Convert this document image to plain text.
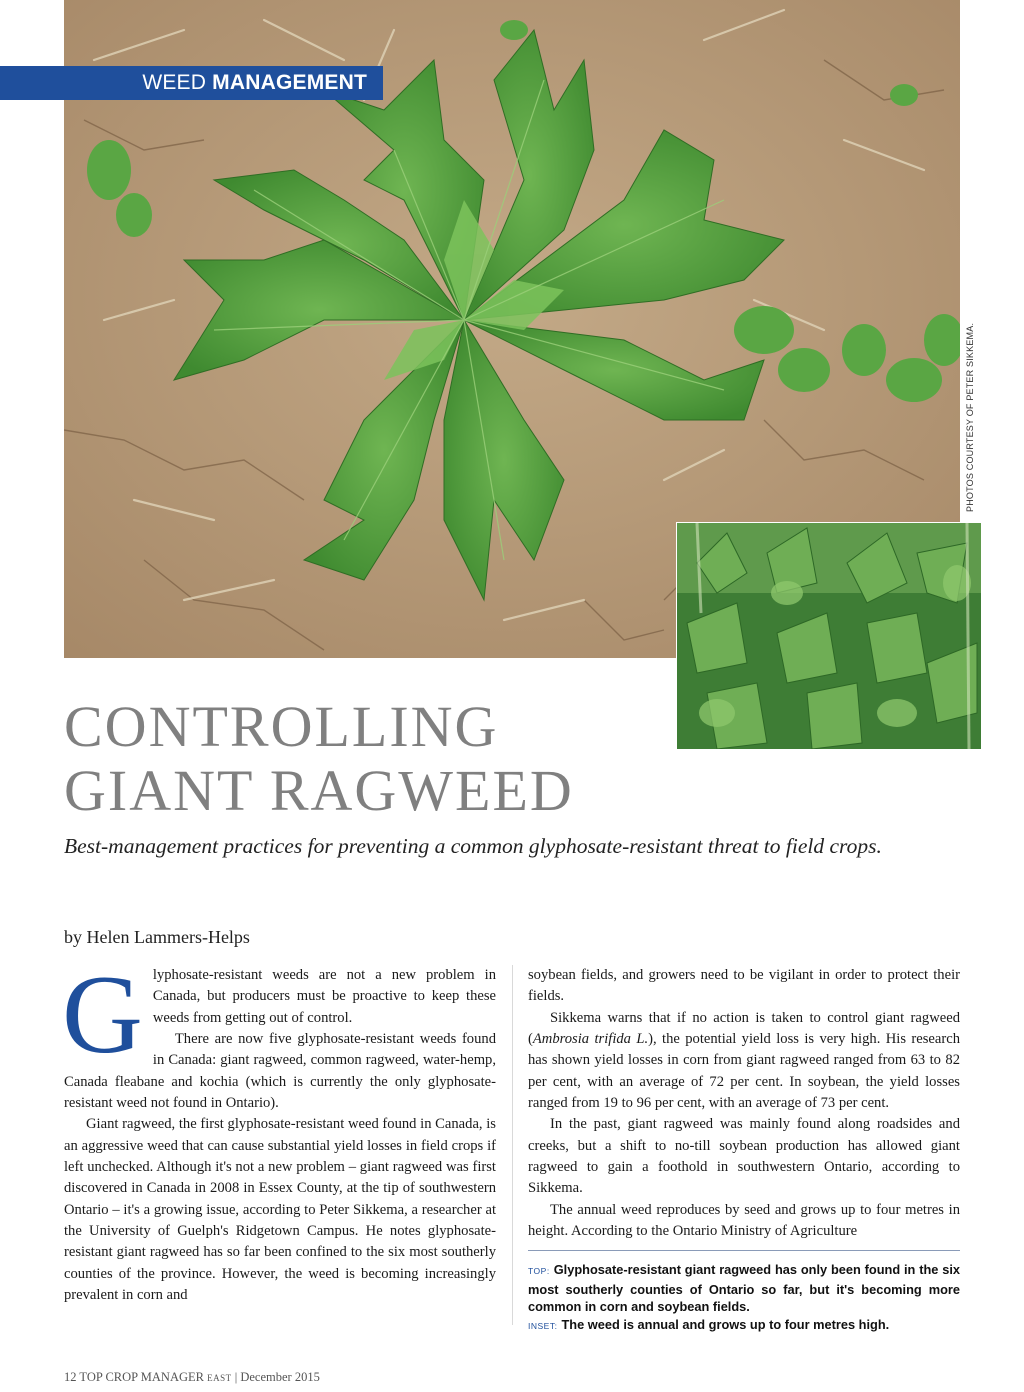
WEED MANAGEMENT
PHOTOS COURTESY OF PETER SIKKEMA.
CONTROLLING
GIANT RAGWEED
Best-management practices for preventing a common glyphosate-resistant threat to field crops.
by Helen Lammers-Helps
G lyphosate-resistant weeds are not a new problem in Canada, but producers must be proactive to keep these weeds from getting out of control.

There are now five glyphosate-resistant weeds found in Canada: giant ragweed, common ragweed, water-hemp, Canada fleabane and kochia (which is currently the only glyphosate-resistant weed not found in Ontario).

Giant ragweed, the first glyphosate-resistant weed found in Canada, is an aggressive weed that can cause substantial yield losses in field crops if left unchecked. Although it's not a new problem – giant ragweed was first discovered in Canada in 2008 in Essex County, at the tip of southwestern Ontario – it's a growing issue, according to Peter Sikkema, a researcher at the University of Guelph's Ridgetown Campus. He notes glyphosate-resistant giant ragweed has so far been confined to the six most southerly counties of the province. However, the weed is becoming increasingly prevalent in corn and

soybean fields, and growers need to be vigilant in order to protect their fields.

Sikkema warns that if no action is taken to control giant ragweed (Ambrosia trifida L.), the potential yield loss is very high. His research has shown yield losses in corn from giant ragweed ranged from 63 to 82 per cent, with an average of 72 per cent. In soybean, the yield losses ranged from 19 to 96 per cent, with an average of 73 per cent.

In the past, giant ragweed was mainly found along roadsides and creeks, but a shift to no-till soybean production has allowed giant ragweed to gain a foothold in southwestern Ontario, according to Sikkema.

The annual weed reproduces by seed and grows up to four metres in height. According to the Ontario Ministry of Agriculture

TOP: Glyphosate-resistant giant ragweed has only been found in the six most southerly counties of Ontario so far, but it's becoming more common in corn and soybean fields.
INSET: The weed is annual and grows up to four metres high.
12 TOP CROP MANAGER EAST | December 2015
